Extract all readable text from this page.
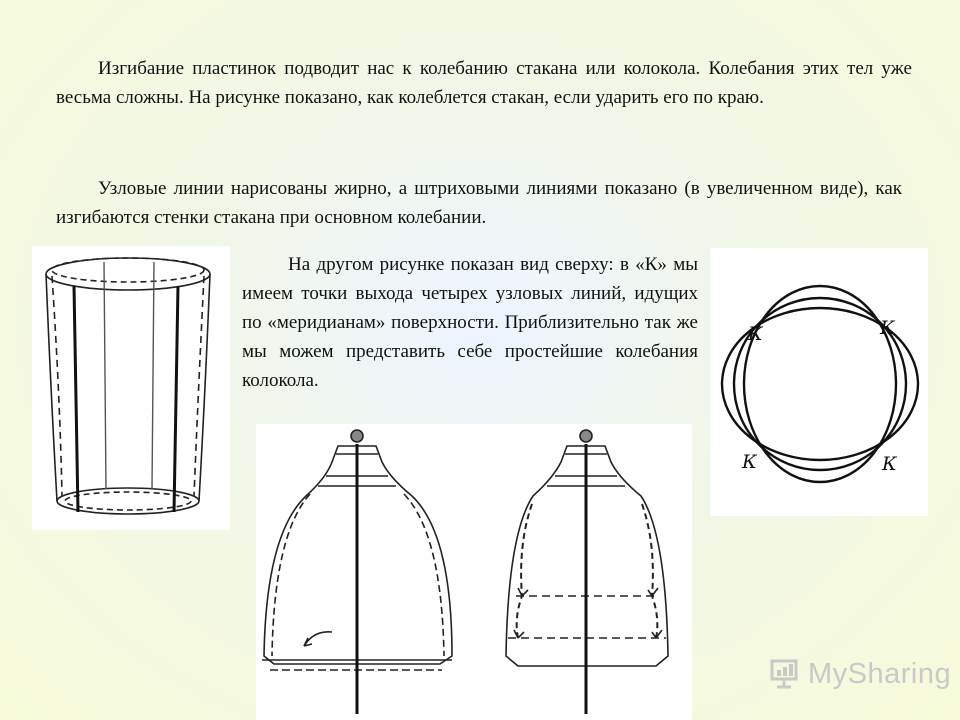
Изгибание пластинок подводит нас к колебанию стакана или колокола. Колебания этих тел уже весьма сложны. На рисунке показано, как колеблется стакан, если ударить его по краю.

Узловые линии нарисованы жирно, а штриховыми линиями показано (в увеличенном виде), как изгибаются стенки стакана при основном колебании.

На другом рисунке показан вид сверху: в «К» мы имеем точки выхода четырех узловых линий, идущих по «меридианам» поверхности. Приблизительно так же мы можем представить себе простейшие колебания колокола.

К	К
К	К
MySharing
